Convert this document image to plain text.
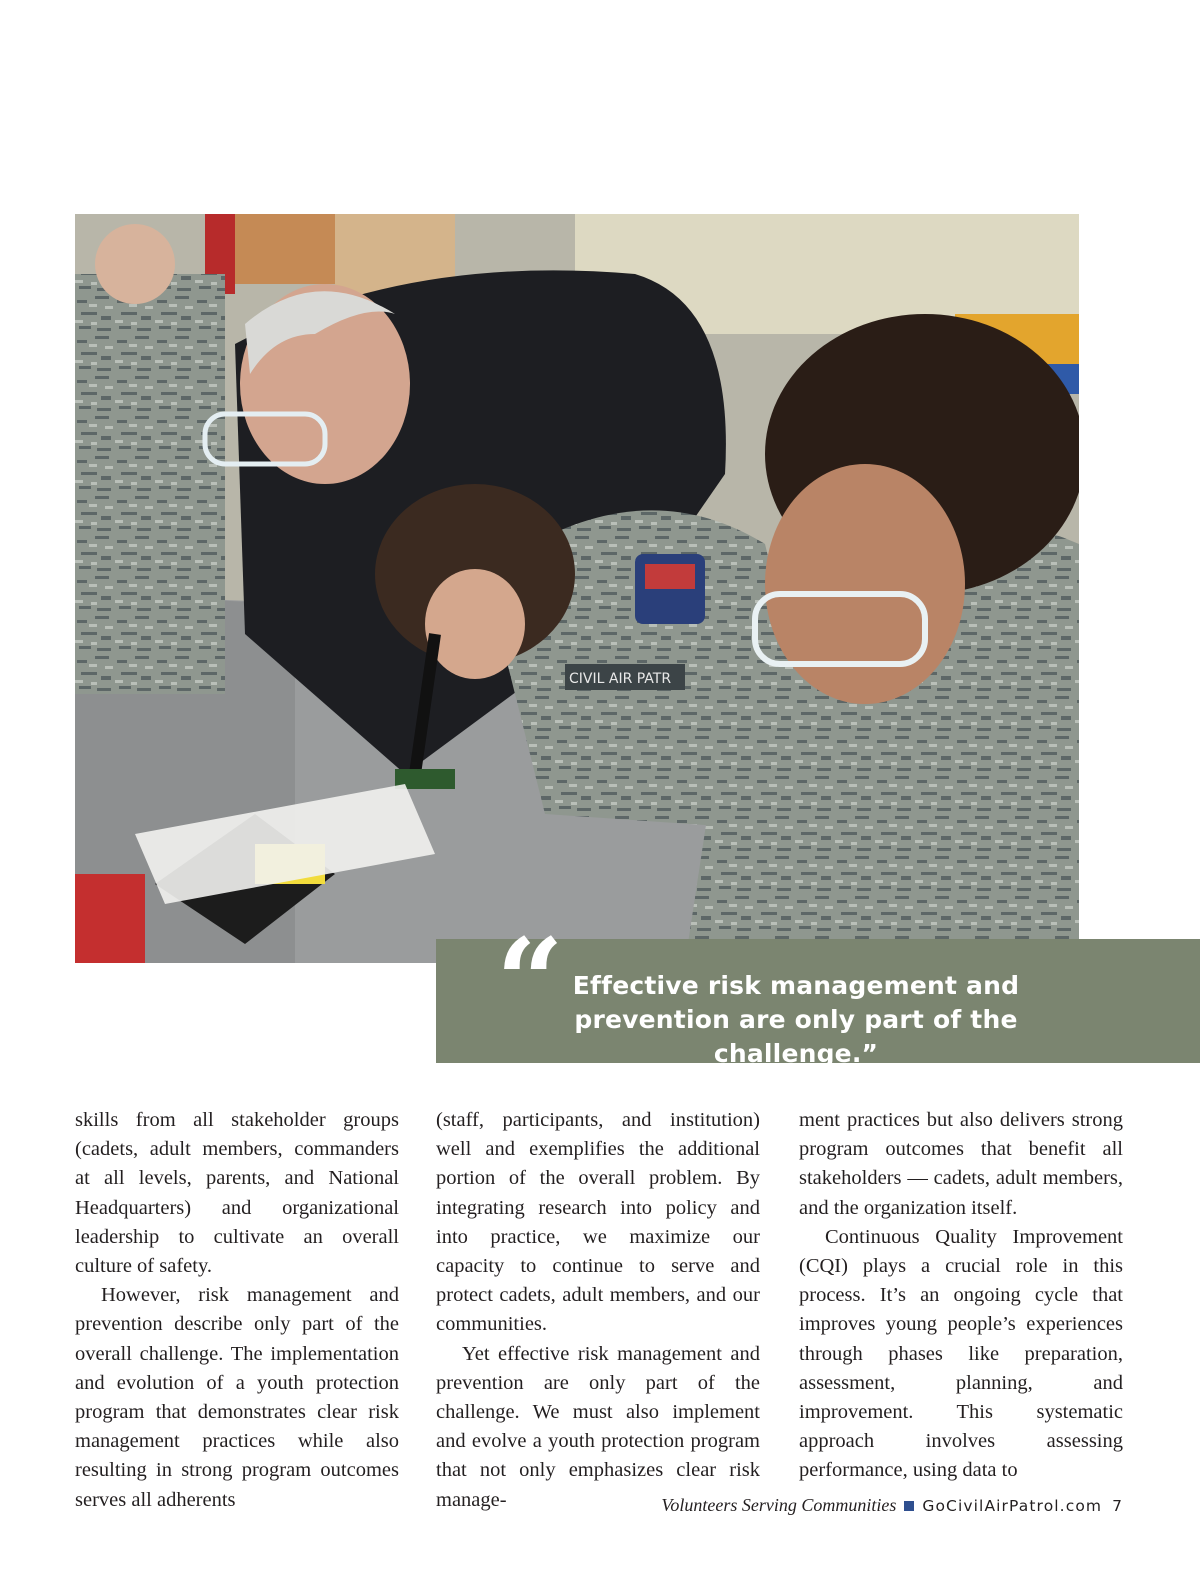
CIVIL AIR PATR
“ Effective risk management and prevention are only part of the challenge.”

skills from all stakeholder groups (cadets, adult members, commanders at all levels, parents, and National Headquarters) and organizational leadership to cultivate an overall culture of safety.

However, risk management and prevention describe only part of the overall challenge. The implementation and evolution of a youth protection program that demonstrates clear risk management practices while also resulting in strong program outcomes serves all adherents

(staff, participants, and institution) well and exemplifies the additional portion of the overall problem. By integrating research into policy and into practice, we maximize our capacity to continue to serve and protect cadets, adult members, and our communities.

Yet effective risk management and prevention are only part of the challenge. We must also implement and evolve a youth protection program that not only emphasizes clear risk manage-

ment practices but also delivers strong program outcomes that benefit all stakeholders — cadets, adult members, and the organization itself.

Continuous Quality Improvement (CQI) plays a crucial role in this process. It’s an ongoing cycle that improves young people’s experiences through phases like preparation, assessment, planning, and improvement. This systematic approach involves assessing performance, using data to

Volunteers Serving Communities GoCivilAirPatrol.com 7
